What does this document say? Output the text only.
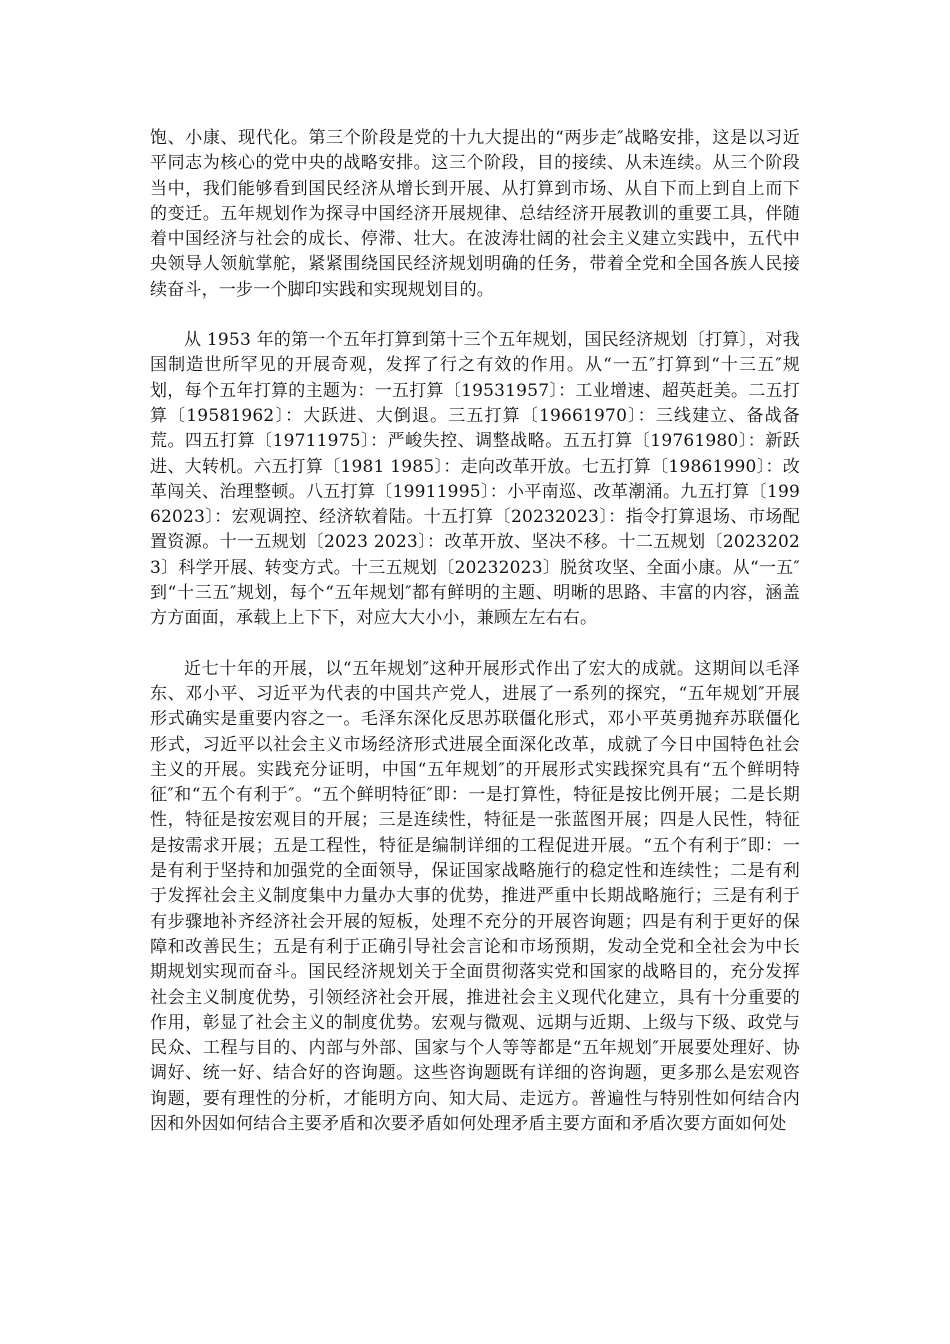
饱、小康、现代化。第三个阶段是党的十九大提出的“两步走″战略安排，这是以习近平同志为核心的党中央的战略安排。这三个阶段，目的接续、从未连续。从三个阶段当中，我们能够看到国民经济从增长到开展、从打算到市场、从自下而上到自上而下的变迁。五年规划作为探寻中国经济开展规律、总结经济开展教训的重要工具，伴随着中国经济与社会的成长、停滞、壮大。在波涛壮阔的社会主义建立实践中，五代中央领导人领航掌舵，紧紧围绕国民经济规划明确的任务，带着全党和全国各族人民接续奋斗，一步一个脚印实践和实现规划目的。

从 1953 年的第一个五年打算到第十三个五年规划，国民经济规划〔打算〕，对我国制造世所罕见的开展奇观，发挥了行之有效的作用。从“一五″打算到“十三五″规划，每个五年打算的主题为：一五打算〔19531957〕：工业增速、超英赶美。二五打算〔19581962〕：大跃进、大倒退。三五打算〔19661970〕：三线建立、备战备荒。四五打算〔19711975〕：严峻失控、调整战略。五五打算〔19761980〕：新跃进、大转机。六五打算〔1981 1985〕：走向改革开放。七五打算〔19861990〕：改革闯关、治理整顿。八五打算〔19911995〕：小平南巡、改革潮涌。九五打算〔19962023〕：宏观调控、经济软着陆。十五打算〔20232023〕：指令打算退场、市场配置资源。十一五规划〔2023 2023〕：改革开放、坚决不移。十二五规划〔20232023〕科学开展、转变方式。十三五规划〔20232023〕脱贫攻坚、全面小康。从“一五″到“十三五″规划，每个“五年规划″都有鲜明的主题、明晰的思路、丰富的内容，涵盖方方面面，承载上上下下，对应大大小小，兼顾左左右右。

近七十年的开展，以“五年规划″这种开展形式作出了宏大的成就。这期间以毛泽东、邓小平、习近平为代表的中国共产党人，进展了一系列的探究，“五年规划″开展形式确实是重要内容之一。毛泽东深化反思苏联僵化形式，邓小平英勇抛弃苏联僵化形式，习近平以社会主义市场经济形式进展全面深化改革，成就了今日中国特色社会主义的开展。实践充分证明，中国“五年规划″的开展形式实践探究具有“五个鲜明特征″和“五个有利于″。“五个鲜明特征″即：一是打算性，特征是按比例开展；二是长期性，特征是按宏观目的开展；三是连续性，特征是一张蓝图开展；四是人民性，特征是按需求开展；五是工程性，特征是编制详细的工程促进开展。“五个有利于″即：一是有利于坚持和加强党的全面领导，保证国家战略施行的稳定性和连续性；二是有利于发挥社会主义制度集中力量办大事的优势，推进严重中长期战略施行；三是有利于有步骤地补齐经济社会开展的短板，处理不充分的开展咨询题；四是有利于更好的保障和改善民生；五是有利于正确引导社会言论和市场预期，发动全党和全社会为中长期规划实现而奋斗。国民经济规划关于全面贯彻落实党和国家的战略目的，充分发挥社会主义制度优势，引领经济社会开展，推进社会主义现代化建立，具有十分重要的作用，彰显了社会主义的制度优势。宏观与微观、远期与近期、上级与下级、政党与民众、工程与目的、内部与外部、国家与个人等等都是“五年规划″开展要处理好、协调好、统一好、结合好的咨询题。这些咨询题既有详细的咨询题，更多那么是宏观咨询题，要有理性的分析，才能明方向、知大局、走远方。普遍性与特别性如何结合内因和外因如何结合主要矛盾和次要矛盾如何处理矛盾主要方面和矛盾次要方面如何处
